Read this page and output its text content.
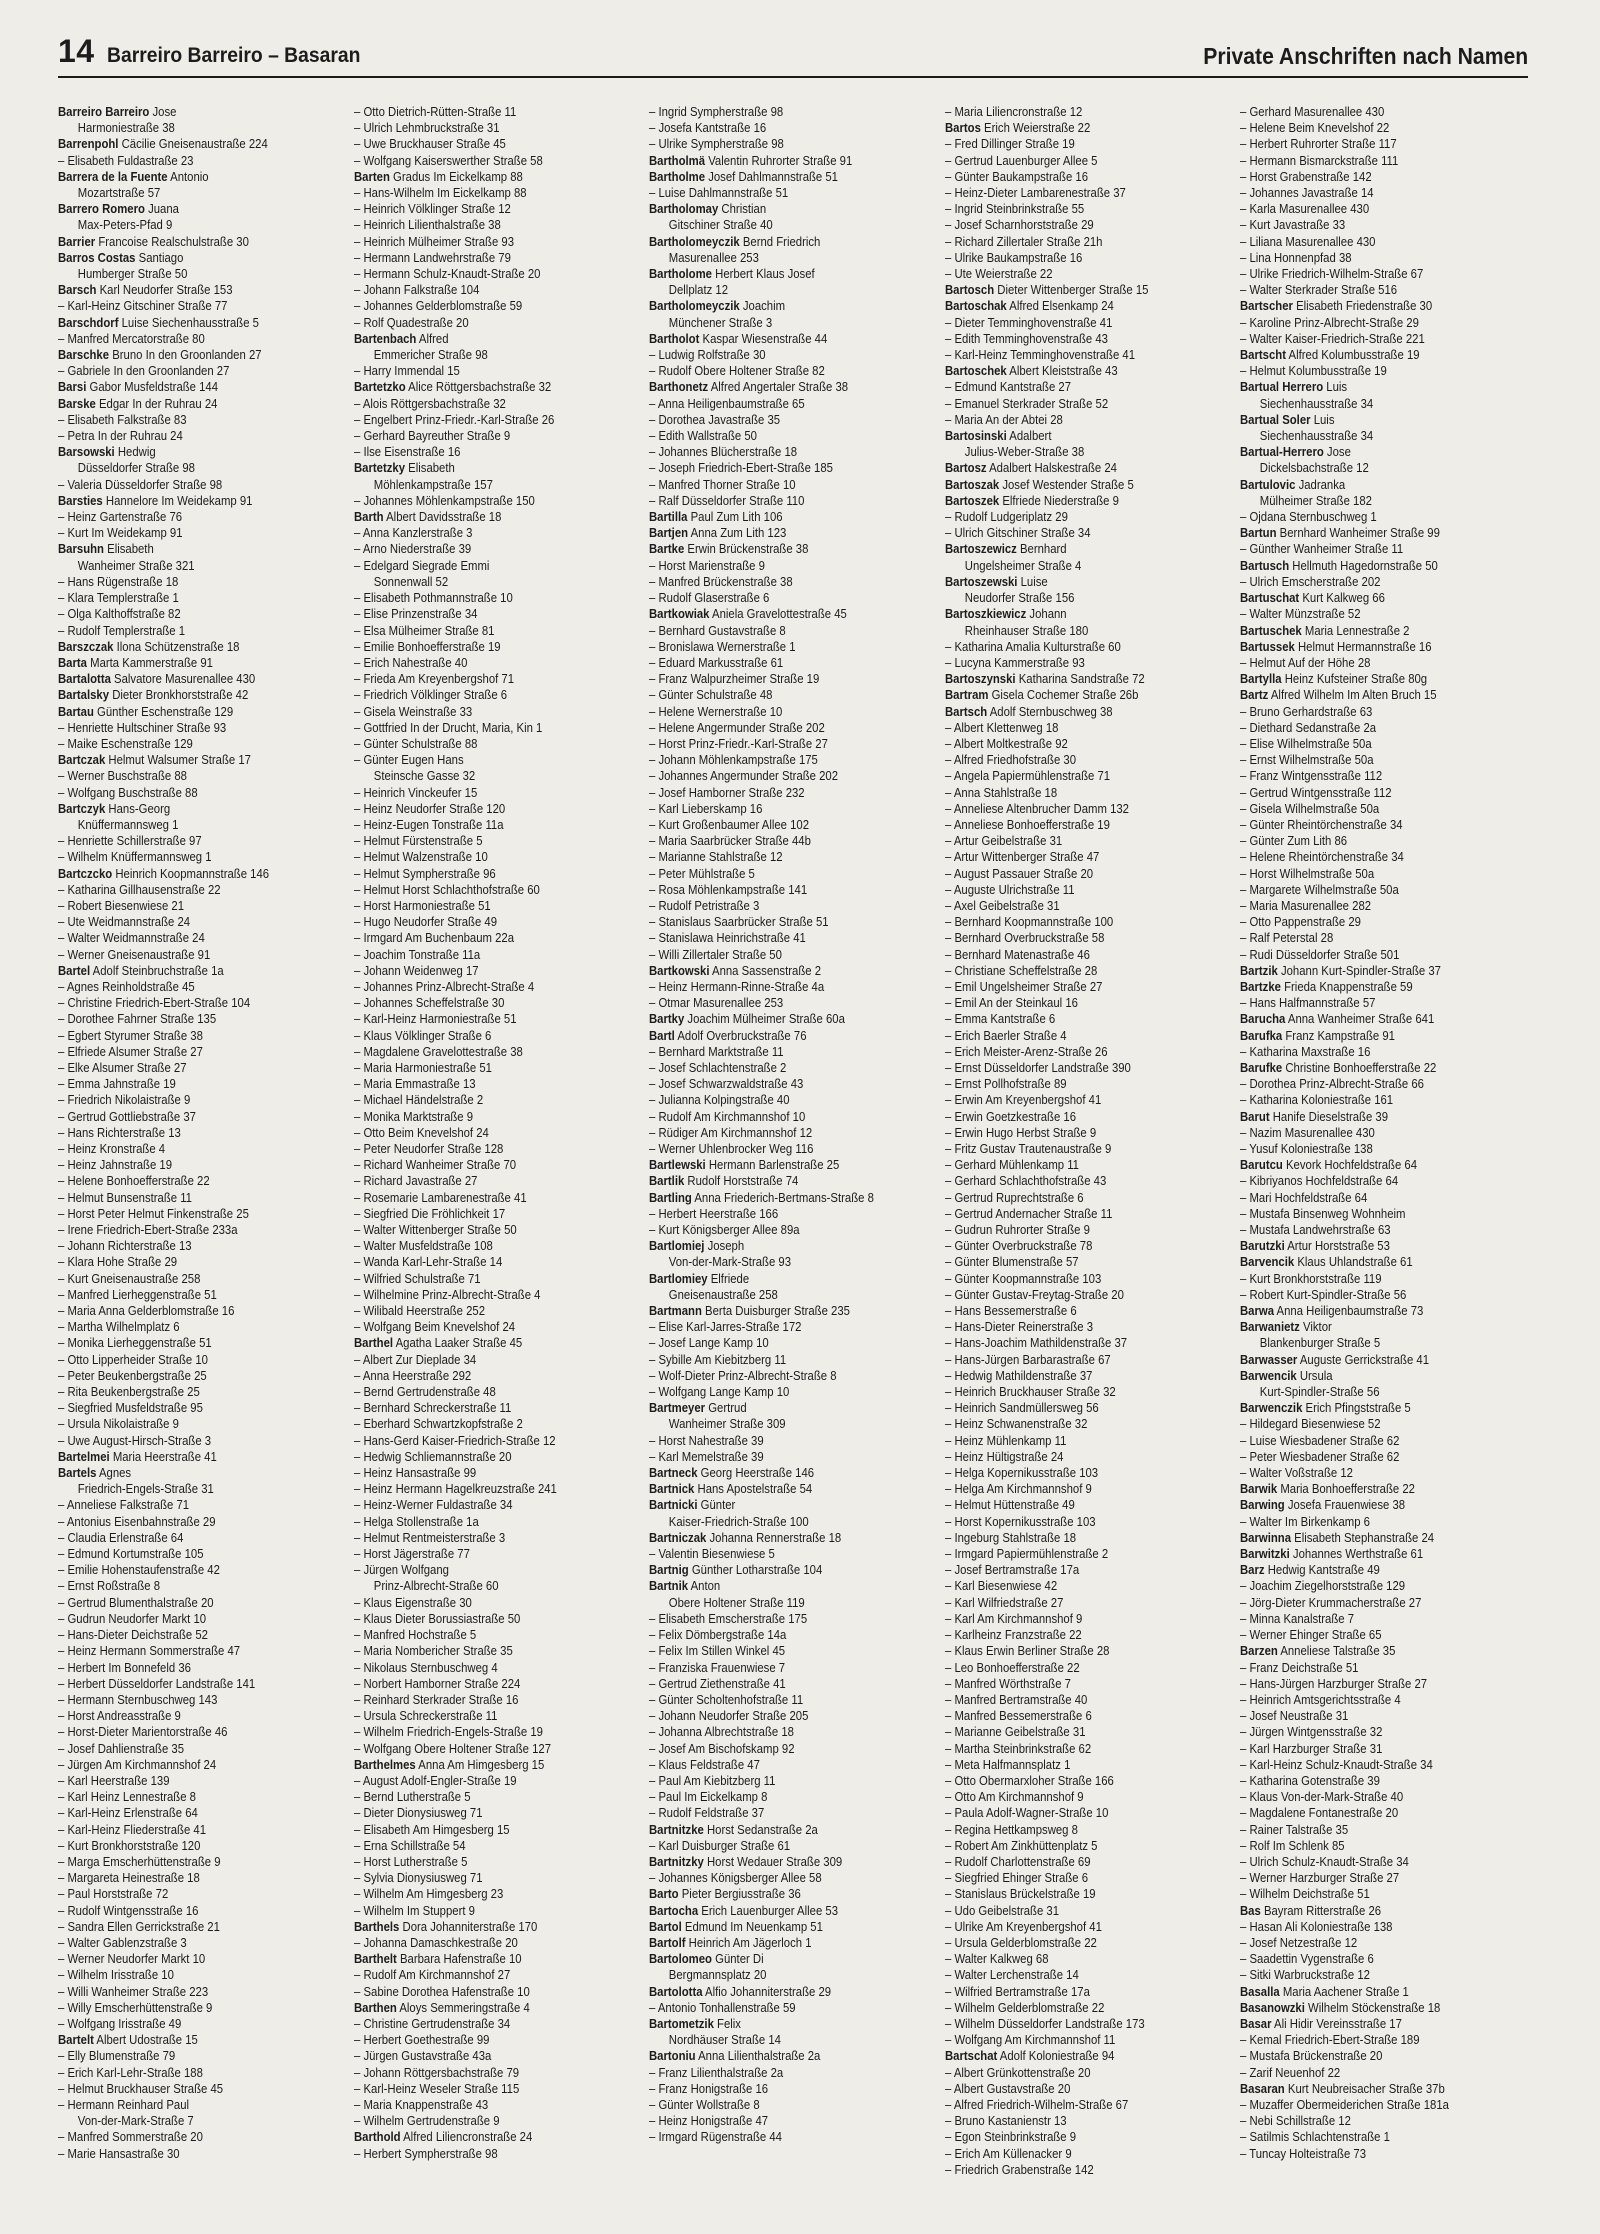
14 Barreiro Barreiro – Basaran	Private Anschriften nach Namen
Barreiro Barreiro Jose
Harmoniestraße 38
Barrenpohl Cäcilie Gneisenaustraße 224
– Elisabeth Fuldastraße 23
Barrera de la Fuente Antonio
Mozartstraße 57
Barrero Romero Juana
Max-Peters-Pfad 9
Barrier Francoise Realschulstraße 30
Barros Costas Santiago
Humberger Straße 50
Barsch Karl Neudorfer Straße 153
– Karl-Heinz Gitschiner Straße 77
Barschdorf Luise Siechenhausstraße 5
– Manfred Mercatorstraße 80
Barschke Bruno In den Groonlanden 27
– Gabriele In den Groonlanden 27
Barsi Gabor Musfeldstraße 144
Barske Edgar In der Ruhrau 24
– Elisabeth Falkstraße 83
– Petra In der Ruhrau 24
Barsowski Hedwig
Düsseldorfer Straße 98
– Valeria Düsseldorfer Straße 98
Barsties Hannelore Im Weidekamp 91
– Heinz Gartenstraße 76
– Kurt Im Weidekamp 91
Barsuhn Elisabeth
Wanheimer Straße 321
– Hans Rügenstraße 18
– Klara Templerstraße 1
– Olga Kalthoffstraße 82
– Rudolf Templerstraße 1
Barszczak Ilona Schützenstraße 18
Barta Marta Kammerstraße 91
Bartalotta Salvatore Masurenallee 430
Bartalsky Dieter Bronkhorststraße 42
Bartau Günther Eschenstraße 129
– Henriette Hultschiner Straße 93
– Maike Eschenstraße 129
Bartczak Helmut Walsumer Straße 17
– Werner Buschstraße 88
– Wolfgang Buschstraße 88
Bartczyk Hans-Georg
Knüffermannsweg 1
– Henriette Schillerstraße 97
– Wilhelm Knüffermannsweg 1
Bartczcko Heinrich Koopmannstraße 146
– Katharina Gillhausenstraße 22
– Robert Biesenwiese 21
– Ute Weidmannstraße 24
– Walter Weidmannstraße 24
– Werner Gneisenaustraße 91
Bartel Adolf Steinbruchstraße 1a
– Agnes Reinholdstraße 45
– Christine Friedrich-Ebert-Straße 104
– Dorothee Fahrner Straße 135
– Egbert Styrumer Straße 38
– Elfriede Alsumer Straße 27
– Elke Alsumer Straße 27
– Emma Jahnstraße 19
– Friedrich Nikolaistraße 9
– Gertrud Gottliebstraße 37
– Hans Richterstraße 13
– Heinz Kronstraße 4
– Heinz Jahnstraße 19
– Helene Bonhoefferstraße 22
– Helmut Bunsenstraße 11
– Horst Peter Helmut Finkenstraße 25
– Irene Friedrich-Ebert-Straße 233a
– Johann Richterstraße 13
– Klara Hohe Straße 29
– Kurt Gneisenaustraße 258
– Manfred Lierheggenstraße 51
– Maria Anna Gelderblomstraße 16
– Martha Wilhelmplatz 6
– Monika Lierheggenstraße 51
– Otto Lipperheider Straße 10
– Peter Beukenbergstraße 25
– Rita Beukenbergstraße 25
– Siegfried Musfeldstraße 95
– Ursula Nikolaistraße 9
– Uwe August-Hirsch-Straße 3
Bartelmei Maria Heerstraße 41
Bartels Agnes
Friedrich-Engels-Straße 31
– Anneliese Falkstraße 71
– Antonius Eisenbahnstraße 29
– Claudia Erlenstraße 64
– Edmund Kortumstraße 105
– Emilie Hohenstaufenstraße 42
– Ernst Roßstraße 8
– Gertrud Blumenthalstraße 20
– Gudrun Neudorfer Markt 10
– Hans-Dieter Deichstraße 52
– Heinz Hermann Sommerstraße 47
– Herbert Im Bonnefeld 36
– Herbert Düsseldorfer Landstraße 141
– Hermann Sternbuschweg 143
– Horst Andreasstraße 9
– Horst-Dieter Marientorstraße 46
– Josef Dahlienstraße 35
– Jürgen Am Kirchmannshof 24
– Karl Heerstraße 139
– Karl Heinz Lennestraße 8
– Karl-Heinz Erlenstraße 64
– Karl-Heinz Fliederstraße 41
– Kurt Bronkhorststraße 120
– Marga Emscherhüttenstraße 9
– Margareta Heinestraße 18
– Paul Horststraße 72
– Rudolf Wintgensstraße 16
– Sandra Ellen Gerrickstraße 21
– Walter Gablenzstraße 3
– Werner Neudorfer Markt 10
– Wilhelm Irisstraße 10
– Willi Wanheimer Straße 223
– Willy Emscherhüttenstraße 9
– Wolfgang Irisstraße 49
Bartelt Albert Udostraße 15
– Elly Blumenstraße 79
– Erich Karl-Lehr-Straße 188
– Helmut Bruckhauser Straße 45
– Hermann Reinhard Paul
Von-der-Mark-Straße 7
– Manfred Sommerstraße 20
– Marie Hansastraße 30
– Otto Dietrich-Rütten-Straße 11
– Ulrich Lehmbruckstraße 31
– Uwe Bruckhauser Straße 45
– Wolfgang Kaiserswerther Straße 58
Barten Gradus Im Eickelkamp 88
– Hans-Wilhelm Im Eickelkamp 88
– Heinrich Völklinger Straße 12
– Heinrich Lilienthalstraße 38
– Heinrich Mülheimer Straße 93
– Hermann Landwehrstraße 79
– Hermann Schulz-Knaudt-Straße 20
– Johann Falkstraße 104
– Johannes Gelderblomstraße 59
– Rolf Quadestraße 20
Bartenbach Alfred
Emmericher Straße 98
– Harry Immendal 15
Bartetzko Alice Röttgersbachstraße 32
– Alois Röttgersbachstraße 32
– Engelbert Prinz-Friedr.-Karl-Straße 26
– Gerhard Bayreuther Straße 9
– Ilse Eisenstraße 16
Bartetzky Elisabeth
Möhlenkampstraße 157
– Johannes Möhlenkampstraße 150
Barth Albert Davidsstraße 18
– Anna Kanzlerstraße 3
– Arno Niederstraße 39
– Edelgard Siegrade Emmi
Sonnenwall 52
– Elisabeth Pothmannstraße 10
– Elise Prinzenstraße 34
– Elsa Mülheimer Straße 81
– Emilie Bonhoefferstraße 19
– Erich Nahestraße 40
– Frieda Am Kreyenbergshof 71
– Friedrich Völklinger Straße 6
– Gisela Weinstraße 33
– Gottfried In der Drucht, Maria, Kin 1
– Günter Schulstraße 88
– Günter Eugen Hans
Steinsche Gasse 32
– Heinrich Vinckeufer 15
– Heinz Neudorfer Straße 120
– Heinz-Eugen Tonstraße 11a
– Helmut Fürstenstraße 5
– Helmut Walzenstraße 10
– Helmut Sympherstraße 96
– Helmut Horst Schlachthofstraße 60
– Horst Harmoniestraße 51
– Hugo Neudorfer Straße 49
– Irmgard Am Buchenbaum 22a
– Joachim Tonstraße 11a
– Johann Weidenweg 17
– Johannes Prinz-Albrecht-Straße 4
– Johannes Scheffelstraße 30
– Karl-Heinz Harmoniestraße 51
– Klaus Völklinger Straße 6
– Magdalene Gravelottestraße 38
– Maria Harmoniestraße 51
– Maria Emmastraße 13
– Michael Händelstraße 2
– Monika Marktstraße 9
– Otto Beim Knevelshof 24
– Peter Neudorfer Straße 128
– Richard Wanheimer Straße 70
– Richard Javastraße 27
– Rosemarie Lambarenestraße 41
– Siegfried Die Fröhlichkeit 17
– Walter Wittenberger Straße 50
– Walter Musfeldstraße 108
– Wanda Karl-Lehr-Straße 14
– Wilfried Schulstraße 71
– Wilhelmine Prinz-Albrecht-Straße 4
– Wilibald Heerstraße 252
– Wolfgang Beim Knevelshof 24
Barthel Agatha Laaker Straße 45
– Albert Zur Dieplade 34
– Anna Heerstraße 292
– Bernd Gertrudenstraße 48
– Bernhard Schreckerstraße 11
– Eberhard Schwartzkopfstraße 2
– Hans-Gerd Kaiser-Friedrich-Straße 12
– Hedwig Schliemannstraße 20
– Heinz Hansastraße 99
– Heinz Hermann Hagelkreuzstraße 241
– Heinz-Werner Fuldastraße 34
– Helga Stollenstraße 1a
– Helmut Rentmeisterstraße 3
– Horst Jägerstraße 77
– Jürgen Wolfgang
Prinz-Albrecht-Straße 60
– Klaus Eigenstraße 30
– Klaus Dieter Borussiastraße 50
– Manfred Hochstraße 5
– Maria Nombericher Straße 35
– Nikolaus Sternbuschweg 4
– Norbert Hamborner Straße 224
– Reinhard Sterkrader Straße 16
– Ursula Schreckerstraße 11
– Wilhelm Friedrich-Engels-Straße 19
– Wolfgang Obere Holtener Straße 127
Barthelmes Anna Am Himgesberg 15
– August Adolf-Engler-Straße 19
– Bernd Lutherstraße 5
– Dieter Dionysiusweg 71
– Elisabeth Am Himgesberg 15
– Erna Schillstraße 54
– Horst Lutherstraße 5
– Sylvia Dionysiusweg 71
– Wilhelm Am Himgesberg 23
– Wilhelm Im Stuppert 9
Barthels Dora Johanniterstraße 170
– Johanna Damaschkestraße 20
Barthelt Barbara Hafenstraße 10
– Rudolf Am Kirchmannshof 27
– Sabine Dorothea Hafenstraße 10
Barthen Aloys Semmeringstraße 4
– Christine Gertrudenstraße 34
– Herbert Goethestraße 99
– Jürgen Gustavstraße 43a
– Johann Röttgersbachstraße 79
– Karl-Heinz Weseler Straße 115
– Maria Knappenstraße 43
– Wilhelm Gertrudenstraße 9
Barthold Alfred Liliencronstraße 24
– Herbert Sympherstraße 98
– Ingrid Sympherstraße 98
– Josefa Kantstraße 16
– Ulrike Sympherstraße 98
Bartholmä Valentin Ruhrorter Straße 91
Bartholme Josef Dahlmannstraße 51
– Luise Dahlmannstraße 51
Bartholomay Christian
Gitschiner Straße 40
Bartholomeyczik Bernd Friedrich
Masurenallee 253
Bartholome Herbert Klaus Josef
Dellplatz 12
Bartholomeyczik Joachim
Münchener Straße 3
Bartholot Kaspar Wiesenstraße 44
– Ludwig Rolfstraße 30
– Rudolf Obere Holtener Straße 82
Barthonetz Alfred Angertaler Straße 38
– Anna Heiligenbaumstraße 65
– Dorothea Javastraße 35
– Edith Wallstraße 50
– Johannes Blücherstraße 18
– Joseph Friedrich-Ebert-Straße 185
– Manfred Thorner Straße 10
– Ralf Düsseldorfer Straße 110
Bartilla Paul Zum Lith 106
Bartjen Anna Zum Lith 123
Bartke Erwin Brückenstraße 38
– Horst Marienstraße 9
– Manfred Brückenstraße 38
– Rudolf Glaserstraße 6
Bartkowiak Aniela Gravelottestraße 45
– Bernhard Gustavstraße 8
– Bronislawa Wernerstraße 1
– Eduard Markusstraße 61
– Franz Walpurzheimer Straße 19
– Günter Schulstraße 48
– Helene Wernerstraße 10
– Helene Angermunder Straße 202
– Horst Prinz-Friedr.-Karl-Straße 27
– Johann Möhlenkampstraße 175
– Johannes Angermunder Straße 202
– Josef Hamborner Straße 232
– Karl Lieberskamp 16
– Kurt Großenbaumer Allee 102
– Maria Saarbrücker Straße 44b
– Marianne Stahlstraße 12
– Peter Mühlstraße 5
– Rosa Möhlenkampstraße 141
– Rudolf Petristraße 3
– Stanislaus Saarbrücker Straße 51
– Stanislawa Heinrichstraße 41
– Willi Zillertaler Straße 50
Bartkowski Anna Sassenstraße 2
– Heinz Hermann-Rinne-Straße 4a
– Otmar Masurenallee 253
Bartky Joachim Mülheimer Straße 60a
Bartl Adolf Overbruckstraße 76
– Bernhard Marktstraße 11
– Josef Schlachtenstraße 2
– Josef Schwarzwaldstraße 43
– Julianna Kolpingstraße 40
– Rudolf Am Kirchmannshof 10
– Rüdiger Am Kirchmannshof 12
– Werner Uhlenbrocker Weg 116
Bartlewski Hermann Barlenstraße 25
Bartlik Rudolf Horststraße 74
Bartling Anna Friederich-Bertmans-Straße 8
– Herbert Heerstraße 166
– Kurt Königsberger Allee 89a
Bartlomiej Joseph
Von-der-Mark-Straße 93
Bartlomiey Elfriede
Gneisenaustraße 258
Bartmann Berta Duisburger Straße 235
– Elise Karl-Jarres-Straße 172
– Josef Lange Kamp 10
– Sybille Am Kiebitzberg 11
– Wolf-Dieter Prinz-Albrecht-Straße 8
– Wolfgang Lange Kamp 10
Bartmeyer Gertrud
Wanheimer Straße 309
– Horst Nahestraße 39
– Karl Memelstraße 39
Bartneck Georg Heerstraße 146
Bartnick Hans Apostelstraße 54
Bartnicki Günter
Kaiser-Friedrich-Straße 100
Bartniczak Johanna Rennerstraße 18
– Valentin Biesenwiese 5
Bartnig Günther Lotharstraße 104
Bartnik Anton
Obere Holtener Straße 119
– Elisabeth Emscherstraße 175
– Felix Dömbergstraße 14a
– Felix Im Stillen Winkel 45
– Franziska Frauenwiese 7
– Gertrud Ziethenstraße 41
– Günter Scholtenhofstraße 11
– Johann Neudorfer Straße 205
– Johanna Albrechtstraße 18
– Josef Am Bischofskamp 92
– Klaus Feldstraße 47
– Paul Am Kiebitzberg 11
– Paul Im Eickelkamp 8
– Rudolf Feldstraße 37
Bartnitzke Horst Sedanstraße 2a
– Karl Duisburger Straße 61
Bartnitzky Horst Wedauer Straße 309
– Johannes Königsberger Allee 58
Barto Pieter Bergiusstraße 36
Bartocha Erich Lauenburger Allee 53
Bartol Edmund Im Neuenkamp 51
Bartolf Heinrich Am Jägerloch 1
Bartolomeo Günter Di
Bergmannsplatz 20
Bartolotta Alfio Johanniterstraße 29
– Antonio Tonhallenstraße 59
Bartometzik Felix
Nordhäuser Straße 14
Bartoniu Anna Lilienthalstraße 2a
– Franz Lilienthalstraße 2a
– Franz Honigstraße 16
– Günter Wollstraße 8
– Heinz Honigstraße 47
– Irmgard Rügenstraße 44
– Maria Liliencronstraße 12
Bartos Erich Weierstraße 22
– Fred Dillinger Straße 19
– Gertrud Lauenburger Allee 5
– Günter Baukampstraße 16
– Heinz-Dieter Lambarenestraße 37
– Ingrid Steinbrinkstraße 55
– Josef Scharnhorststraße 29
– Richard Zillertaler Straße 21h
– Ulrike Baukampstraße 16
– Ute Weierstraße 22
Bartosch Dieter Wittenberger Straße 15
Bartoschak Alfred Elsenkamp 24
– Dieter Temminghovenstraße 41
– Edith Temminghovenstraße 43
– Karl-Heinz Temminghovenstraße 41
Bartoschek Albert Kleiststraße 43
– Edmund Kantstraße 27
– Emanuel Sterkrader Straße 52
– Maria An der Abtei 28
Bartosinski Adalbert
Julius-Weber-Straße 38
Bartosz Adalbert Halskestraße 24
Bartoszak Josef Westender Straße 5
Bartoszek Elfriede Niederstraße 9
– Rudolf Ludgeriplatz 29
– Ulrich Gitschiner Straße 34
Bartoszewicz Bernhard
Ungelsheimer Straße 4
Bartoszewski Luise
Neudorfer Straße 156
Bartoszkiewicz Johann
Rheinhauser Straße 180
– Katharina Amalia Kulturstraße 60
– Lucyna Kammerstraße 93
Bartoszynski Katharina Sandstraße 72
Bartram Gisela Cochemer Straße 26b
Bartsch Adolf Sternbuschweg 38
– Albert Klettenweg 18
– Albert Moltkestraße 92
– Alfred Friedhofstraße 30
– Angela Papiermühlenstraße 71
– Anna Stahlstraße 18
– Anneliese Altenbrucher Damm 132
– Anneliese Bonhoefferstraße 19
– Artur Geibelstraße 31
– Artur Wittenberger Straße 47
– August Passauer Straße 20
– Auguste Ulrichstraße 11
– Axel Geibelstraße 31
– Bernhard Koopmannstraße 100
– Bernhard Overbruckstraße 58
– Bernhard Matenastraße 46
– Christiane Scheffelstraße 28
– Emil Ungelsheimer Straße 27
– Emil An der Steinkaul 16
– Emma Kantstraße 6
– Erich Baerler Straße 4
– Erich Meister-Arenz-Straße 26
– Ernst Düsseldorfer Landstraße 390
– Ernst Pollhofstraße 89
– Erwin Am Kreyenbergshof 41
– Erwin Goetzkestraße 16
– Erwin Hugo Herbst Straße 9
– Fritz Gustav Trautenaustraße 9
– Gerhard Mühlenkamp 11
– Gerhard Schlachthofstraße 43
– Gertrud Ruprechtstraße 6
– Gertrud Andernacher Straße 11
– Gudrun Ruhrorter Straße 9
– Günter Overbruckstraße 78
– Günter Blumenstraße 57
– Günter Koopmannstraße 103
– Günter Gustav-Freytag-Straße 20
– Hans Bessemerstraße 6
– Hans-Dieter Reinerstraße 3
– Hans-Joachim Mathildenstraße 37
– Hans-Jürgen Barbarastraße 67
– Hedwig Mathildenstraße 37
– Heinrich Bruckhauser Straße 32
– Heinrich Sandmüllersweg 56
– Heinz Schwanenstraße 32
– Heinz Mühlenkamp 11
– Heinz Hültigstraße 24
– Helga Kopernikusstraße 103
– Helga Am Kirchmannshof 9
– Helmut Hüttenstraße 49
– Horst Kopernikusstraße 103
– Ingeburg Stahlstraße 18
– Irmgard Papiermühlenstraße 2
– Josef Bertramstraße 17a
– Karl Biesenwiese 42
– Karl Wilfriedstraße 27
– Karl Am Kirchmannshof 9
– Karlheinz Franzstraße 22
– Klaus Erwin Berliner Straße 28
– Leo Bonhoefferstraße 22
– Manfred Wörthstraße 7
– Manfred Bertramstraße 40
– Manfred Bessemerstraße 6
– Marianne Geibelstraße 31
– Martha Steinbrinkstraße 62
– Meta Halfmannsplatz 1
– Otto Obermarxloher Straße 166
– Otto Am Kirchmannshof 9
– Paula Adolf-Wagner-Straße 10
– Regina Hettkampsweg 8
– Robert Am Zinkhüttenplatz 5
– Rudolf Charlottenstraße 69
– Siegfried Ehinger Straße 6
– Stanislaus Brückelstraße 19
– Udo Geibelstraße 31
– Ulrike Am Kreyenbergshof 41
– Ursula Gelderblomstraße 22
– Walter Kalkweg 68
– Walter Lerchenstraße 14
– Wilfried Bertramstraße 17a
– Wilhelm Gelderblomstraße 22
– Wilhelm Düsseldorfer Landstraße 173
– Wolfgang Am Kirchmannshof 11
Bartschat Adolf Koloniestraße 94
– Albert Grünkottenstraße 20
– Albert Gustavstraße 20
– Alfred Friedrich-Wilhelm-Straße 67
– Bruno Kastanienstr 13
– Egon Steinbrinkstraße 9
– Erich Am Küllenacker 9
– Friedrich Grabenstraße 142
– Gerhard Masurenallee 430
– Helene Beim Knevelshof 22
– Herbert Ruhrorter Straße 117
– Hermann Bismarckstraße 111
– Horst Grabenstraße 142
– Johannes Javastraße 14
– Karla Masurenallee 430
– Kurt Javastraße 33
– Liliana Masurenallee 430
– Lina Honnenpfad 38
– Ulrike Friedrich-Wilhelm-Straße 67
– Walter Sterkrader Straße 516
Bartscher Elisabeth Friedenstraße 30
– Karoline Prinz-Albrecht-Straße 29
– Walter Kaiser-Friedrich-Straße 221
Bartscht Alfred Kolumbusstraße 19
– Helmut Kolumbusstraße 19
Bartual Herrero Luis
Siechenhausstraße 34
Bartual Soler Luis
Siechenhausstraße 34
Bartual-Herrero Jose
Dickelsbachstraße 12
Bartulovic Jadranka
Mülheimer Straße 182
– Ojdana Sternbuschweg 1
Bartun Bernhard Wanheimer Straße 99
– Günther Wanheimer Straße 11
Bartusch Hellmuth Hagedornstraße 50
– Ulrich Emscherstraße 202
Bartuschat Kurt Kalkweg 66
– Walter Münzstraße 52
Bartuschek Maria Lennestraße 2
Bartussek Helmut Hermannstraße 16
– Helmut Auf der Höhe 28
Bartylla Heinz Kufsteiner Straße 80g
Bartz Alfred Wilhelm Im Alten Bruch 15
– Bruno Gerhardstraße 63
– Diethard Sedanstraße 2a
– Elise Wilhelmstraße 50a
– Ernst Wilhelmstraße 50a
– Franz Wintgensstraße 112
– Gertrud Wintgensstraße 112
– Gisela Wilhelmstraße 50a
– Günter Rheintörchenstraße 34
– Günter Zum Lith 86
– Helene Rheintörchenstraße 34
– Horst Wilhelmstraße 50a
– Margarete Wilhelmstraße 50a
– Maria Masurenallee 282
– Otto Pappenstraße 29
– Ralf Peterstal 28
– Rudi Düsseldorfer Straße 501
Bartzik Johann Kurt-Spindler-Straße 37
Bartzke Frieda Knappenstraße 59
– Hans Halfmannstraße 57
Barucha Anna Wanheimer Straße 641
Barufka Franz Kampstraße 91
– Katharina Maxstraße 16
Barufke Christine Bonhoefferstraße 22
– Dorothea Prinz-Albrecht-Straße 66
– Katharina Koloniestraße 161
Barut Hanife Dieselstraße 39
– Nazim Masurenallee 430
– Yusuf Koloniestraße 138
Barutcu Kevork Hochfeldstraße 64
– Kibriyanos Hochfeldstraße 64
– Mari Hochfeldstraße 64
– Mustafa Binsenweg Wohnheim
– Mustafa Landwehrstraße 63
Barutzki Artur Horststraße 53
Barvencik Klaus Uhlandstraße 61
– Kurt Bronkhorststraße 119
– Robert Kurt-Spindler-Straße 56
Barwa Anna Heiligenbaumstraße 73
Barwanietz Viktor
Blankenburger Straße 5
Barwasser Auguste Gerrickstraße 41
Barwencik Ursula
Kurt-Spindler-Straße 56
Barwenczik Erich Pfingststraße 5
– Hildegard Biesenwiese 52
– Luise Wiesbadener Straße 62
– Peter Wiesbadener Straße 62
– Walter Voßstraße 12
Barwik Maria Bonhoefferstraße 22
Barwing Josefa Frauenwiese 38
– Walter Im Birkenkamp 6
Barwinna Elisabeth Stephanstraße 24
Barwitzki Johannes Werthstraße 61
Barz Hedwig Kantstraße 49
– Joachim Ziegelhorststraße 129
– Jörg-Dieter Krummacherstraße 27
– Minna Kanalstraße 7
– Werner Ehinger Straße 65
Barzen Anneliese Talstraße 35
– Franz Deichstraße 51
– Hans-Jürgen Harzburger Straße 27
– Heinrich Amtsgerichtsstraße 4
– Josef Neustraße 31
– Jürgen Wintgensstraße 32
– Karl Harzburger Straße 31
– Karl-Heinz Schulz-Knaudt-Straße 34
– Katharina Gotenstraße 39
– Klaus Von-der-Mark-Straße 40
– Magdalene Fontanestraße 20
– Rainer Talstraße 35
– Rolf Im Schlenk 85
– Ulrich Schulz-Knaudt-Straße 34
– Werner Harzburger Straße 27
– Wilhelm Deichstraße 51
Bas Bayram Ritterstraße 26
– Hasan Ali Koloniestraße 138
– Josef Netzestraße 12
– Saadettin Vygenstraße 6
– Sitki Warbruckstraße 12
Basalla Maria Aachener Straße 1
Basanowzki Wilhelm Stöckenstraße 18
Basar Ali Hidir Vereinsstraße 17
– Kemal Friedrich-Ebert-Straße 189
– Mustafa Brückenstraße 20
– Zarif Neuenhof 22
Basaran Kurt Neubreisacher Straße 37b
– Muzaffer Obermeiderichen Straße 181a
– Nebi Schillstraße 12
– Satilmis Schlachtenstraße 1
– Tuncay Holteistraße 73
